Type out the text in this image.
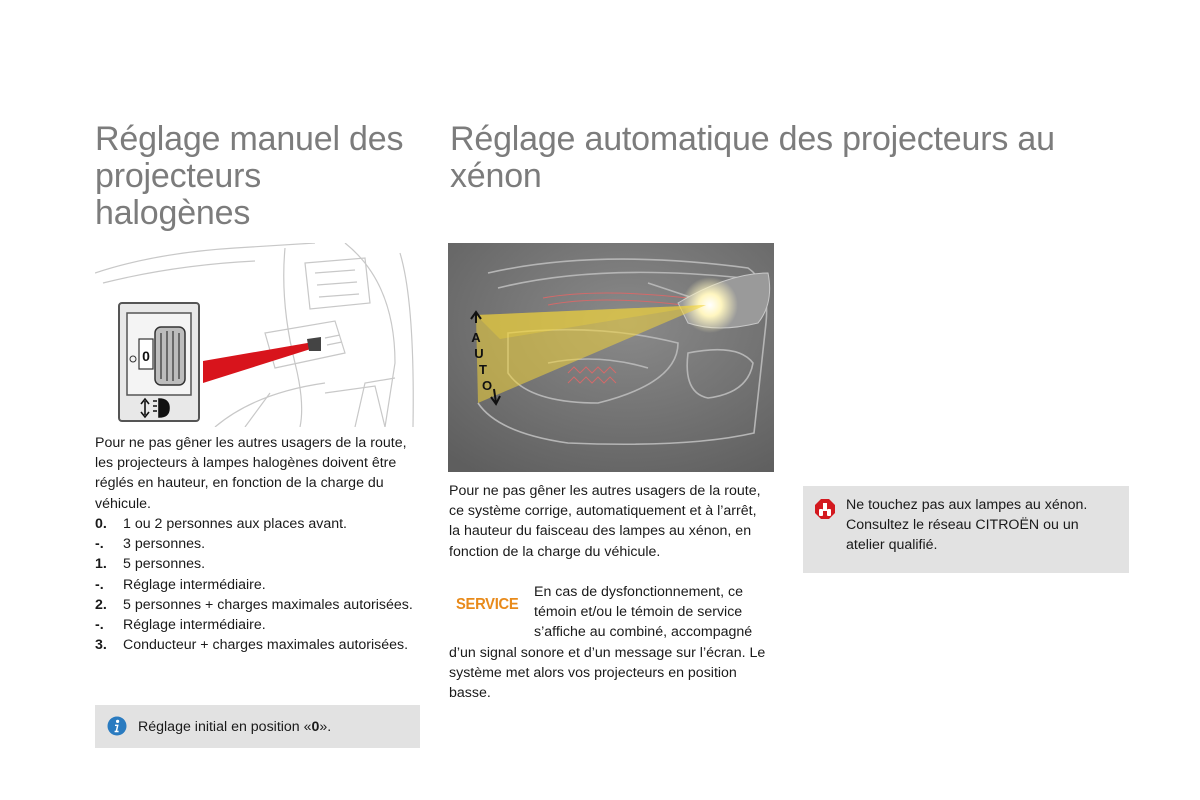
Réglage manuel des projecteurs halogènes
Réglage automatique des projecteurs au xénon
0
A
U
T
O

Pour ne pas gêner les autres usagers de la route, les projecteurs à lampes halogènes doivent être réglés en hauteur, en fonction de la charge du véhicule.

0.	1 ou 2 personnes aux places avant.
-.	3 personnes.
1.	5 personnes.
-.	Réglage intermédiaire.
2.	5 personnes + charges maximales autorisées.
-.	Réglage intermédiaire.
3.	Conducteur + charges maximales autorisées.

Réglage initial en position «0».

Pour ne pas gêner les autres usagers de la route, ce système corrige, automatiquement et à l’arrêt, la hauteur du faisceau des lampes au xénon, en fonction de la charge du véhicule.

SERVICE

En cas de dysfonctionnement, ce témoin et/ou le témoin de service s’affiche au combiné, accompagné
d’un signal sonore et d’un message sur l’écran. Le système met alors vos projecteurs en position basse.

Ne touchez pas aux lampes au xénon. Consultez le réseau CITROËN ou un atelier qualifié.
